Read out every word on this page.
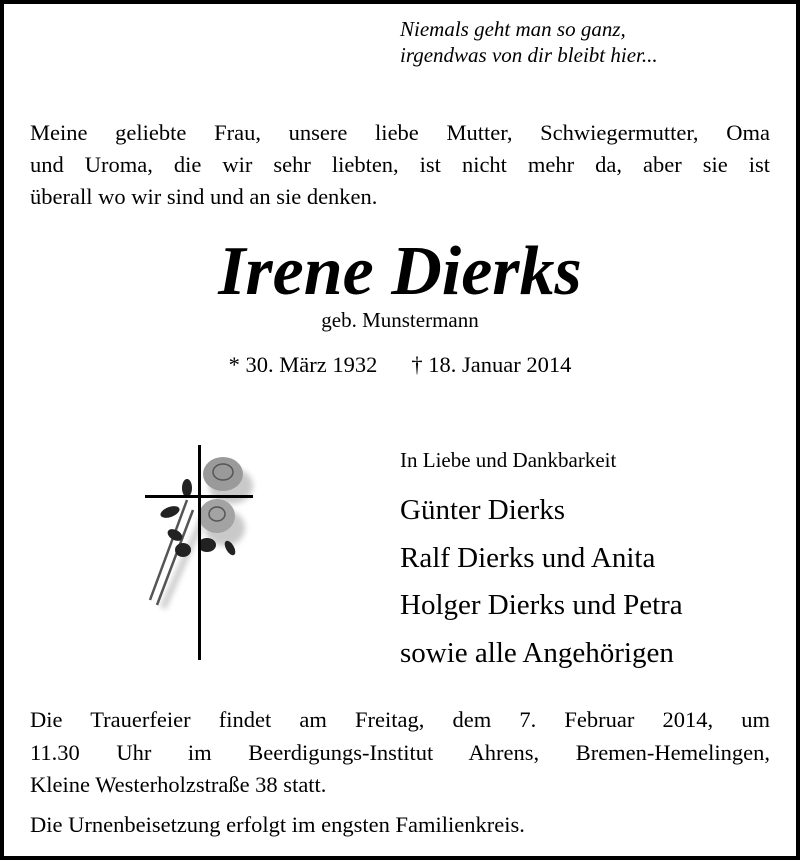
Niemals geht man so ganz,
irgendwas von dir bleibt hier...
Meine geliebte Frau, unsere liebe Mutter, Schwiegermutter, Oma
und Uroma, die wir sehr liebten, ist nicht mehr da, aber sie ist
überall wo wir sind und an sie denken.
Irene Dierks
geb. Munstermann
* 30. März 1932 † 18. Januar 2014
In Liebe und Dankbarkeit
Günter Dierks
Ralf Dierks und Anita
Holger Dierks und Petra
sowie alle Angehörigen
Die Trauerfeier findet am Freitag, dem 7. Februar 2014, um
11.30 Uhr im Beerdigungs-Institut Ahrens, Bremen-Hemelingen,
Kleine Westerholzstraße 38 statt.
Die Urnenbeisetzung erfolgt im engsten Familienkreis.
